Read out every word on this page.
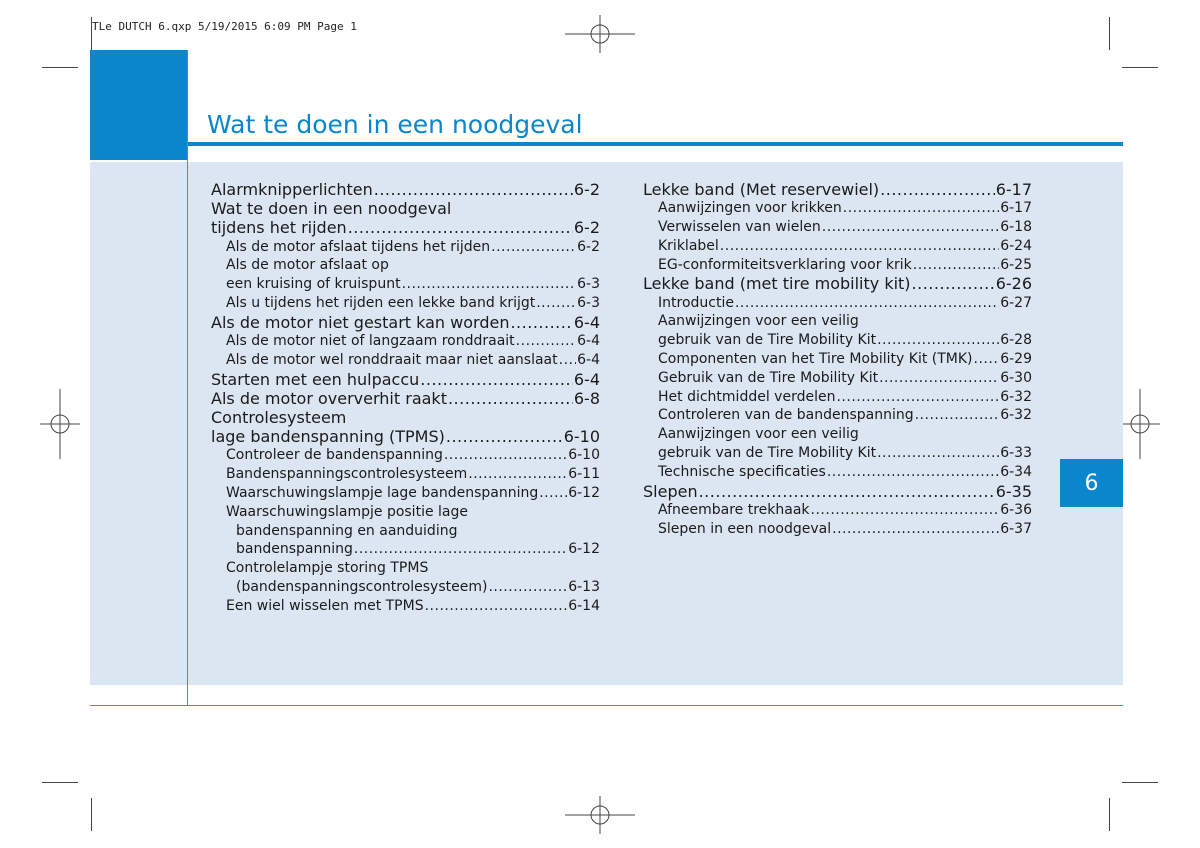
TLe DUTCH 6.qxp 5/19/2015 6:09 PM Page 1
Wat te doen in een noodgeval
6
Alarmknipperlichten .....	6-2
Wat te doen in een noodgeval
tijdens het rijden .....	6-2
Als de motor afslaat tijdens het rijden .....	6-2
Als de motor afslaat op
een kruising of kruispunt .....	6-3
Als u tijdens het rijden een lekke band krijgt .....	6-3
Als de motor niet gestart kan worden .....	6-4
Als de motor niet of langzaam ronddraait .....	6-4
Als de motor wel ronddraait maar niet aanslaat ..... 6-4
Starten met een hulpaccu .....	6-4
Als de motor oververhit raakt .....	6-8
Controlesysteem
lage bandenspanning (TPMS) .....	6-10
Controleer de bandenspanning .....	6-10
Bandenspanningscontrolesysteem .....	6-11
Waarschuwingslampje lage bandenspanning ..... 6-12
Waarschuwingslampje positie lage
bandenspanning en aanduiding
bandenspanning .....	6-12
Controlelampje storing TPMS
(bandenspanningscontrolesysteem) .....	6-13
Een wiel wisselen met TPMS .....	6-14
Lekke band (Met reservewiel) .....	6-17
Aanwijzingen voor krikken .....	6-17
Verwisselen van wielen .....	6-18
Kriklabel .....	6-24
EG-conformiteitsverklaring voor krik .....	6-25
Lekke band (met tire mobility kit) .....	6-26
Introductie .....	6-27
Aanwijzingen voor een veilig
gebruik van de Tire Mobility Kit .....	6-28
Componenten van het Tire Mobility Kit (TMK) ..... 6-29
Gebruik van de Tire Mobility Kit .....	6-30
Het dichtmiddel verdelen .....	6-32
Controleren van de bandenspanning .....	6-32
Aanwijzingen voor een veilig
gebruik van de Tire Mobility Kit .....	6-33
Technische specificaties .....	6-34
Slepen .....	6-35
Afneembare trekhaak .....	6-36
Slepen in een noodgeval .....	6-37
